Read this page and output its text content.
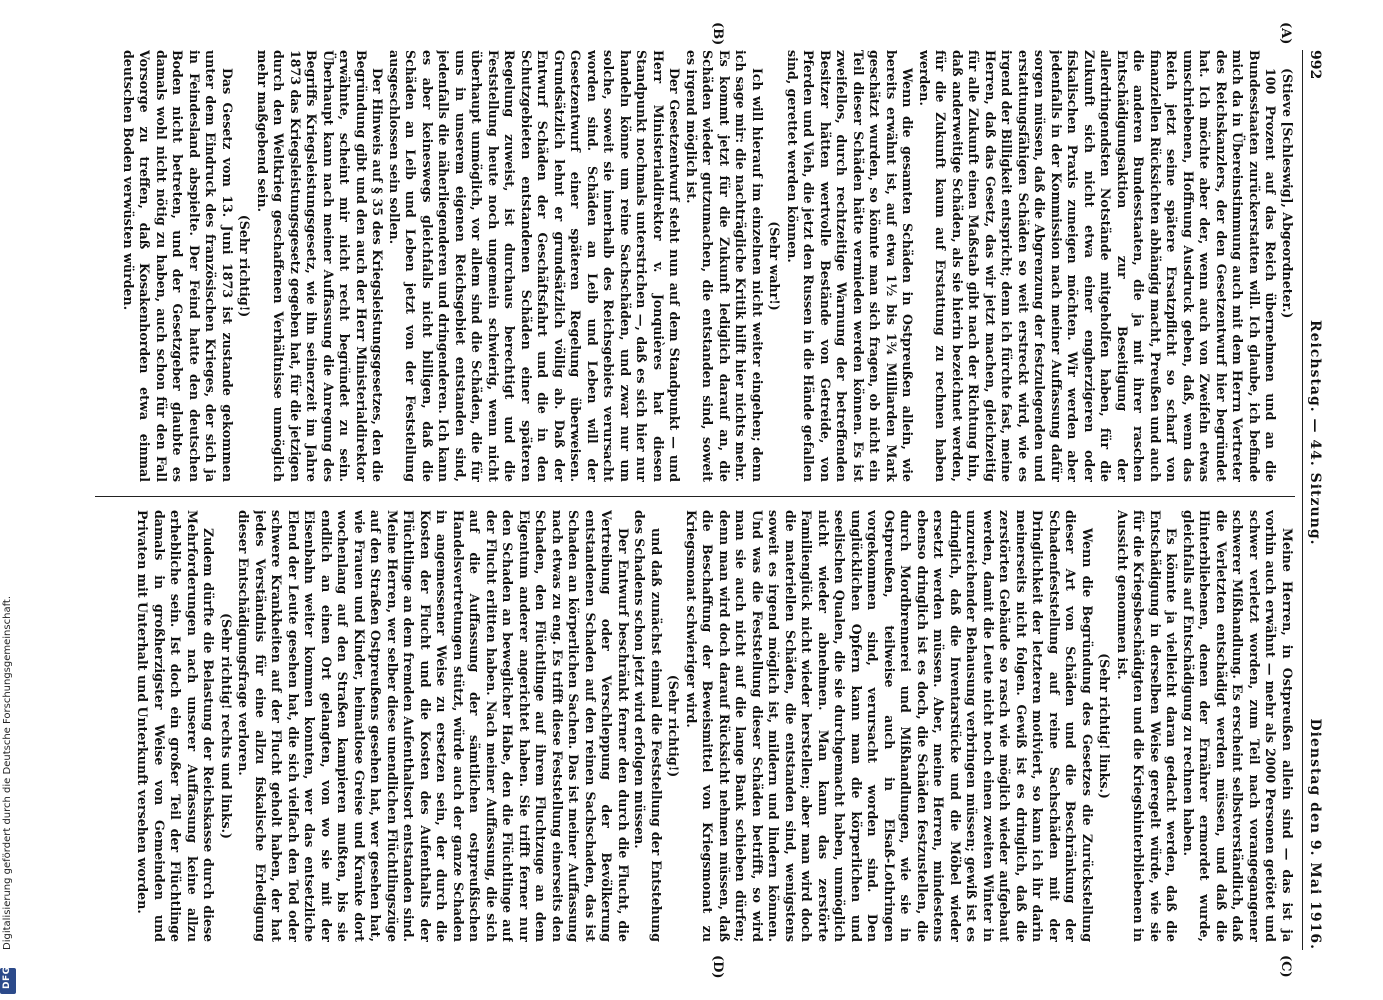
992
Reichstag. — 44. Sitzung.
Dienstag den 9. Mai 1916.
(A)
(B)
(C)
(D)

(Stieve [Schleswig], Abgeordneter.)

100 Prozent auf das Reich übernehmen und an die Bundesstaaten zurückerstatten will. Ich glaube, ich befinde mich da in Übereinstimmung auch mit dem Herrn Vertreter des Reichskanzlers, der den Gesetzentwurf hier begründet hat. Ich möchte aber der, wenn auch von Zweifeln etwas umschriebenen, Hoffnung Ausdruck geben, daß, wenn das Reich jetzt seine spätere Ersatzpflicht so scharf von finanziellen Rücksichten abhängig macht, Preußen und auch die anderen Bundesstaaten, die ja mit ihrer raschen Entschädigungsaktion zur Beseitigung der allerdringendsten Notstände mitgeholfen haben, für die Zukunft sich nicht etwa einer engherzigeren oder fiskalischen Praxis zuneigen möchten. Wir werden aber jedenfalls in der Kommission nach meiner Auffassung dafür sorgen müssen, daß die Abgrenzung der festzulegenden und erstattungsfähigen Schäden so weit erstreckt wird, wie es irgend der Billigkeit entspricht; denn ich fürchte fast, meine Herren, daß das Gesetz, das wir jetzt machen, gleichzeitig für alle Zukunft einen Maßstab gibt nach der Richtung hin, daß anderweitige Schäden, als sie hierin bezeichnet werden, für die Zukunft kaum auf Erstattung zu rechnen haben werden.

Wenn die gesamten Schäden in Ostpreußen allein, wie bereits erwähnt ist, auf etwa 1½ bis 1¾ Milliarden Mark geschätzt wurden, so könnte man sich fragen, ob nicht ein Teil dieser Schäden hätte vermieden werden können. Es ist zweifellos, durch rechtzeitige Warnung der betreffenden Besitzer hätten wertvolle Bestände von Getreide, von Pferden und Vieh, die jetzt den Russen in die Hände gefallen sind, gerettet werden können.

(Sehr wahr!)

Ich will hierauf im einzelnen nicht weiter eingehen; denn ich sage mir: die nachträgliche Kritik hilft hier nichts mehr. Es kommt jetzt für die Zukunft lediglich darauf an, die Schäden wieder gutzumachen, die entstanden sind, soweit es irgend möglich ist.

Der Gesetzentwurf steht nun auf dem Standpunkt — und Herr Ministerialdirektor v. Jonquières hat diesen Standpunkt nochmals unterstrichen —, daß es sich hier nur handeln könne um reine Sachschäden, und zwar nur um solche, soweit sie innerhalb des Reichsgebiets verursacht worden sind. Schäden an Leib und Leben will der Gesetzentwurf einer späteren Regelung überweisen. Grundsätzlich lehnt er grundsätzlich völlig ab. Daß der Entwurf Schäden der Geschäftsfahrt und die in den Schutzgebieten entstandenen Schäden einer späteren Regelung zuweist, ist durchaus berechtigt und die Feststellung heute noch ungemein schwierig, wenn nicht überhaupt unmöglich, vor allem sind die Schäden, die für uns in unserem eigenen Reichsgebiet entstanden sind, jedenfalls die näherliegenderen und dringenderen. Ich kann es aber keineswegs gleichfalls nicht billigen, daß die Schäden an Leib und Leben jetzt von der Feststellung ausgeschlossen sein sollen.

Der Hinweis auf § 35 des Kriegsleistungsgesetzes, den die Begründung gibt und den auch der Herr Ministerialdirektor erwähnte, scheint mir nicht recht begründet zu sein. Überhaupt kann nach meiner Auffassung die Anregung des Begriffs Kriegsleistungsgesetz, wie ihn seinerzeit im Jahre 1873 das Kriegsleistungsgesetz gegeben hat, für die jetzigen durch den Weltkrieg geschaffenen Verhältnisse unmöglich mehr maßgebend sein.

(Sehr richtig!)

Das Gesetz vom 13. Juni 1873 ist zustande gekommen unter dem Eindruck des französischen Krieges, der sich ja in Feindesland abspielte. Der Feind hatte den deutschen Boden nicht betreten, und der Gesetzgeber glaubte es damals wohl nicht nötig zu haben, auch schon für den Fall Vorsorge zu treffen, daß Kosakenhorden etwa einmal deutschen Boden verwüsten würden.

Meine Herren, in Ostpreußen allein sind — das ist ja vorhin auch erwähnt — mehr als 2000 Personen getötet und schwer verletzt worden, zum Teil nach vorangegangener schwerer Mißhandlung. Es erscheint selbstverständlich, daß die Verletzten entschädigt werden müssen, und daß die Hinterbliebenen, denen der Ernährer ermordet wurde, gleichfalls auf Entschädigung zu rechnen haben.

Es könnte ja vielleicht daran gedacht werden, daß die Entschädigung in derselben Weise geregelt würde, wie sie für die Kriegsbeschädigten und die Kriegshinterbliebenen in Aussicht genommen ist.

(Sehr richtig! links.)

Wenn die Begründung des Gesetzes die Zurückstellung dieser Art von Schäden und die Beschränkung der Schadenfeststellung auf reine Sachschäden mit der Dringlichkeit der letzteren motiviert, so kann ich ihr darin meinerseits nicht folgen. Gewiß ist es dringlich, daß die zerstörten Gebäude so rasch wie möglich wieder aufgebaut werden, damit die Leute nicht noch einen zweiten Winter in unzureichender Behausung verbringen müssen; gewiß ist es dringlich, daß die Inventarstücke und die Möbel wieder ersetzt werden müssen. Aber, meine Herren, mindestens ebenso dringlich ist es doch, die Schäden festzustellen, die durch Mordbrennerei und Mißhandlungen, wie sie in Ostpreußen, teilweise auch in Elsaß-Lothringen vorgekommen sind, verursacht worden sind. Den unglücklichen Opfern kann man die körperlichen und seelischen Qualen, die sie durchgemacht haben, unmöglich nicht wieder abnehmen. Man kann das zerstörte Familienglück nicht wieder herstellen; aber man wird doch die materiellen Schäden, die entstanden sind, wenigstens soweit es irgend möglich ist, mildern und lindern können. Und was die Feststellung dieser Schäden betrifft, so wird man sie auch nicht auf die lange Bank schieben dürfen; denn man wird doch darauf Rücksicht nehmen müssen, daß die Beschaffung der Beweismittel von Kriegsmonat zu Kriegsmonat schwieriger wird.

(Sehr richtig!)

und daß zunächst einmal die Feststellung der Entstehung des Schadens schon jetzt wird erfolgen müssen.

Der Entwurf beschränkt ferner den durch die Flucht, die Vertreibung oder Verschleppung der Bevölkerung entstandenen Schaden auf den reinen Sachschaden, das ist Schaden an körperlichen Sachen. Das ist meiner Auffassung nach etwas zu eng. Es trifft diese Feststellung einerseits den Schaden, den Flüchtlinge auf ihrem Fluchtzuge an dem Eigentum anderer angerichtet haben. Sie trifft ferner nur den Schaden an beweglicher Habe, den die Flüchtlinge auf der Flucht erlitten haben. Nach meiner Auffassung, die sich auf die Auffassung der sämtlichen ostpreußischen Handelsvertretungen stützt, würde auch der ganze Schaden in angemessener Weise zu ersetzen sein, der durch die Kosten der Flucht und die Kosten des Aufenthalts der Flüchtlinge an dem fremden Aufenthaltsort entstanden sind. Meine Herren, wer selber diese unendlichen Flüchtlingszüge auf den Straßen Ostpreußens gesehen hat, wer gesehen hat, wie Frauen und Kinder, heimatlose Greise und Kranke dort wochenlang auf den Straßen kampieren mußten, bis sie endlich an einen Ort gelangten, von wo sie mit der Eisenbahn weiter kommen konnten, wer das entsetzliche Elend der Leute gesehen hat, die sich vielfach den Tod oder schwere Krankheiten auf der Flucht geholt haben, der hat jedes Verständnis für eine allzu fiskalische Erledigung dieser Entschädigungsfrage verloren.

(Sehr richtig! rechts und links.)

Zudem dürfte die Belastung der Reichskasse durch diese Mehrforderungen nach unserer Auffassung keine allzu erhebliche sein. Ist doch ein großer Teil der Flüchtlinge damals in großherzigster Weise von Gemeinden und Privaten mit Unterhalt und Unterkunft versehen worden.

Digitalisierung gefördert durch die Deutsche Forschungsgemeinschaft.
DFG
